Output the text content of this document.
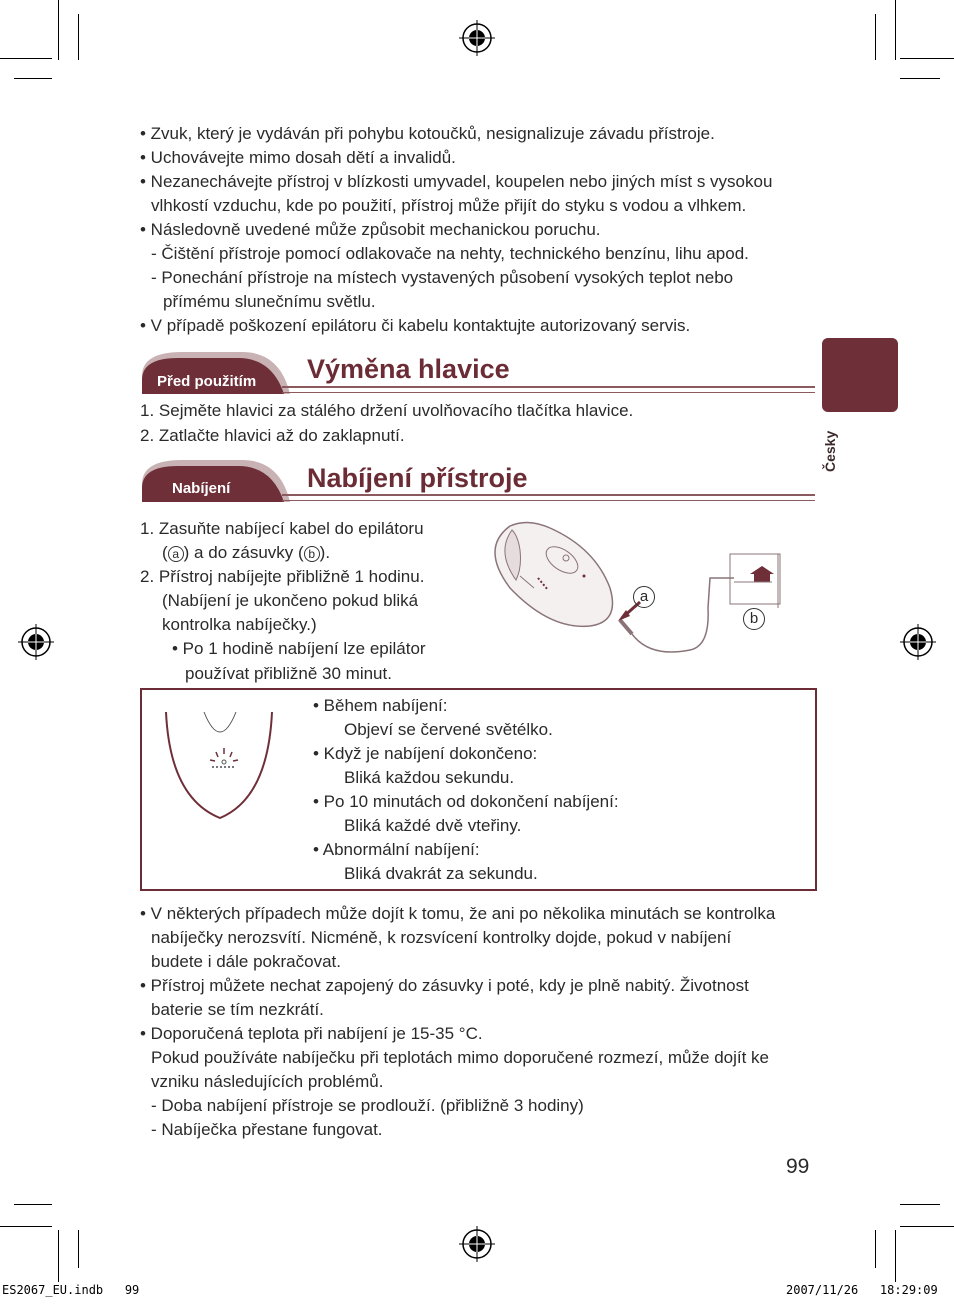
• Zvuk, který je vydáván při pohybu kotoučků, nesignalizuje závadu přístroje.
• Uchovávejte mimo dosah dětí a invalidů.
• Nezanechávejte přístroj v blízkosti umyvadel, koupelen nebo jiných míst s vysokou
vlhkostí vzduchu, kde po použití, přístroj může přijít do styku s vodou a vlhkem.
• Následovně uvedené může způsobit mechanickou poruchu.
- Čištění přístroje pomocí odlakovače na nehty, technického benzínu, lihu apod.
- Ponechání přístroje na místech vystavených působení vysokých teplot nebo
přímému slunečnímu světlu.
• V případě poškození epilátoru či kabelu kontaktujte autorizovaný servis.
Česky
Před použitím Výměna hlavice
1. Sejměte hlavici za stálého držení uvolňovacího tlačítka hlavice.
2. Zatlačte hlavici až do zaklapnutí.
Nabíjení	Nabíjení přístroje
1. Zasuňte nabíjecí kabel do epilátoru
( a ) a do zásuvky ( b ).
2. Přístroj nabíjejte přibližně 1 hodinu.
(Nabíjení je ukončeno pokud bliká
kontrolka nabíječky.)
• Po 1 hodině nabíjení lze epilátor
používat přibližně 30 minut.
a
b
• Během nabíjení:
Objeví se červené světélko.
• Když je nabíjení dokončeno:
Bliká každou sekundu.
• Po 10 minutách od dokončení nabíjení:
Bliká každé dvě vteřiny.
• Abnormální nabíjení:
Bliká dvakrát za sekundu.
• V některých případech může dojít k tomu, že ani po několika minutách se kontrolka
nabíječky nerozsvítí. Nicméně, k rozsvícení kontrolky dojde, pokud v nabíjení
budete i dále pokračovat.
• Přístroj můžete nechat zapojený do zásuvky i poté, kdy je plně nabitý. Životnost
baterie se tím nezkrátí.
• Doporučená teplota při nabíjení je 15-35 °C.
Pokud používáte nabíječku při teplotách mimo doporučené rozmezí, může dojít ke
vzniku následujících problémů.
- Doba nabíjení přístroje se prodlouží. (přibližně 3 hodiny)
- Nabíječka přestane fungovat.
99
ES2067_EU.indb   99	2007/11/26   18:29:09
